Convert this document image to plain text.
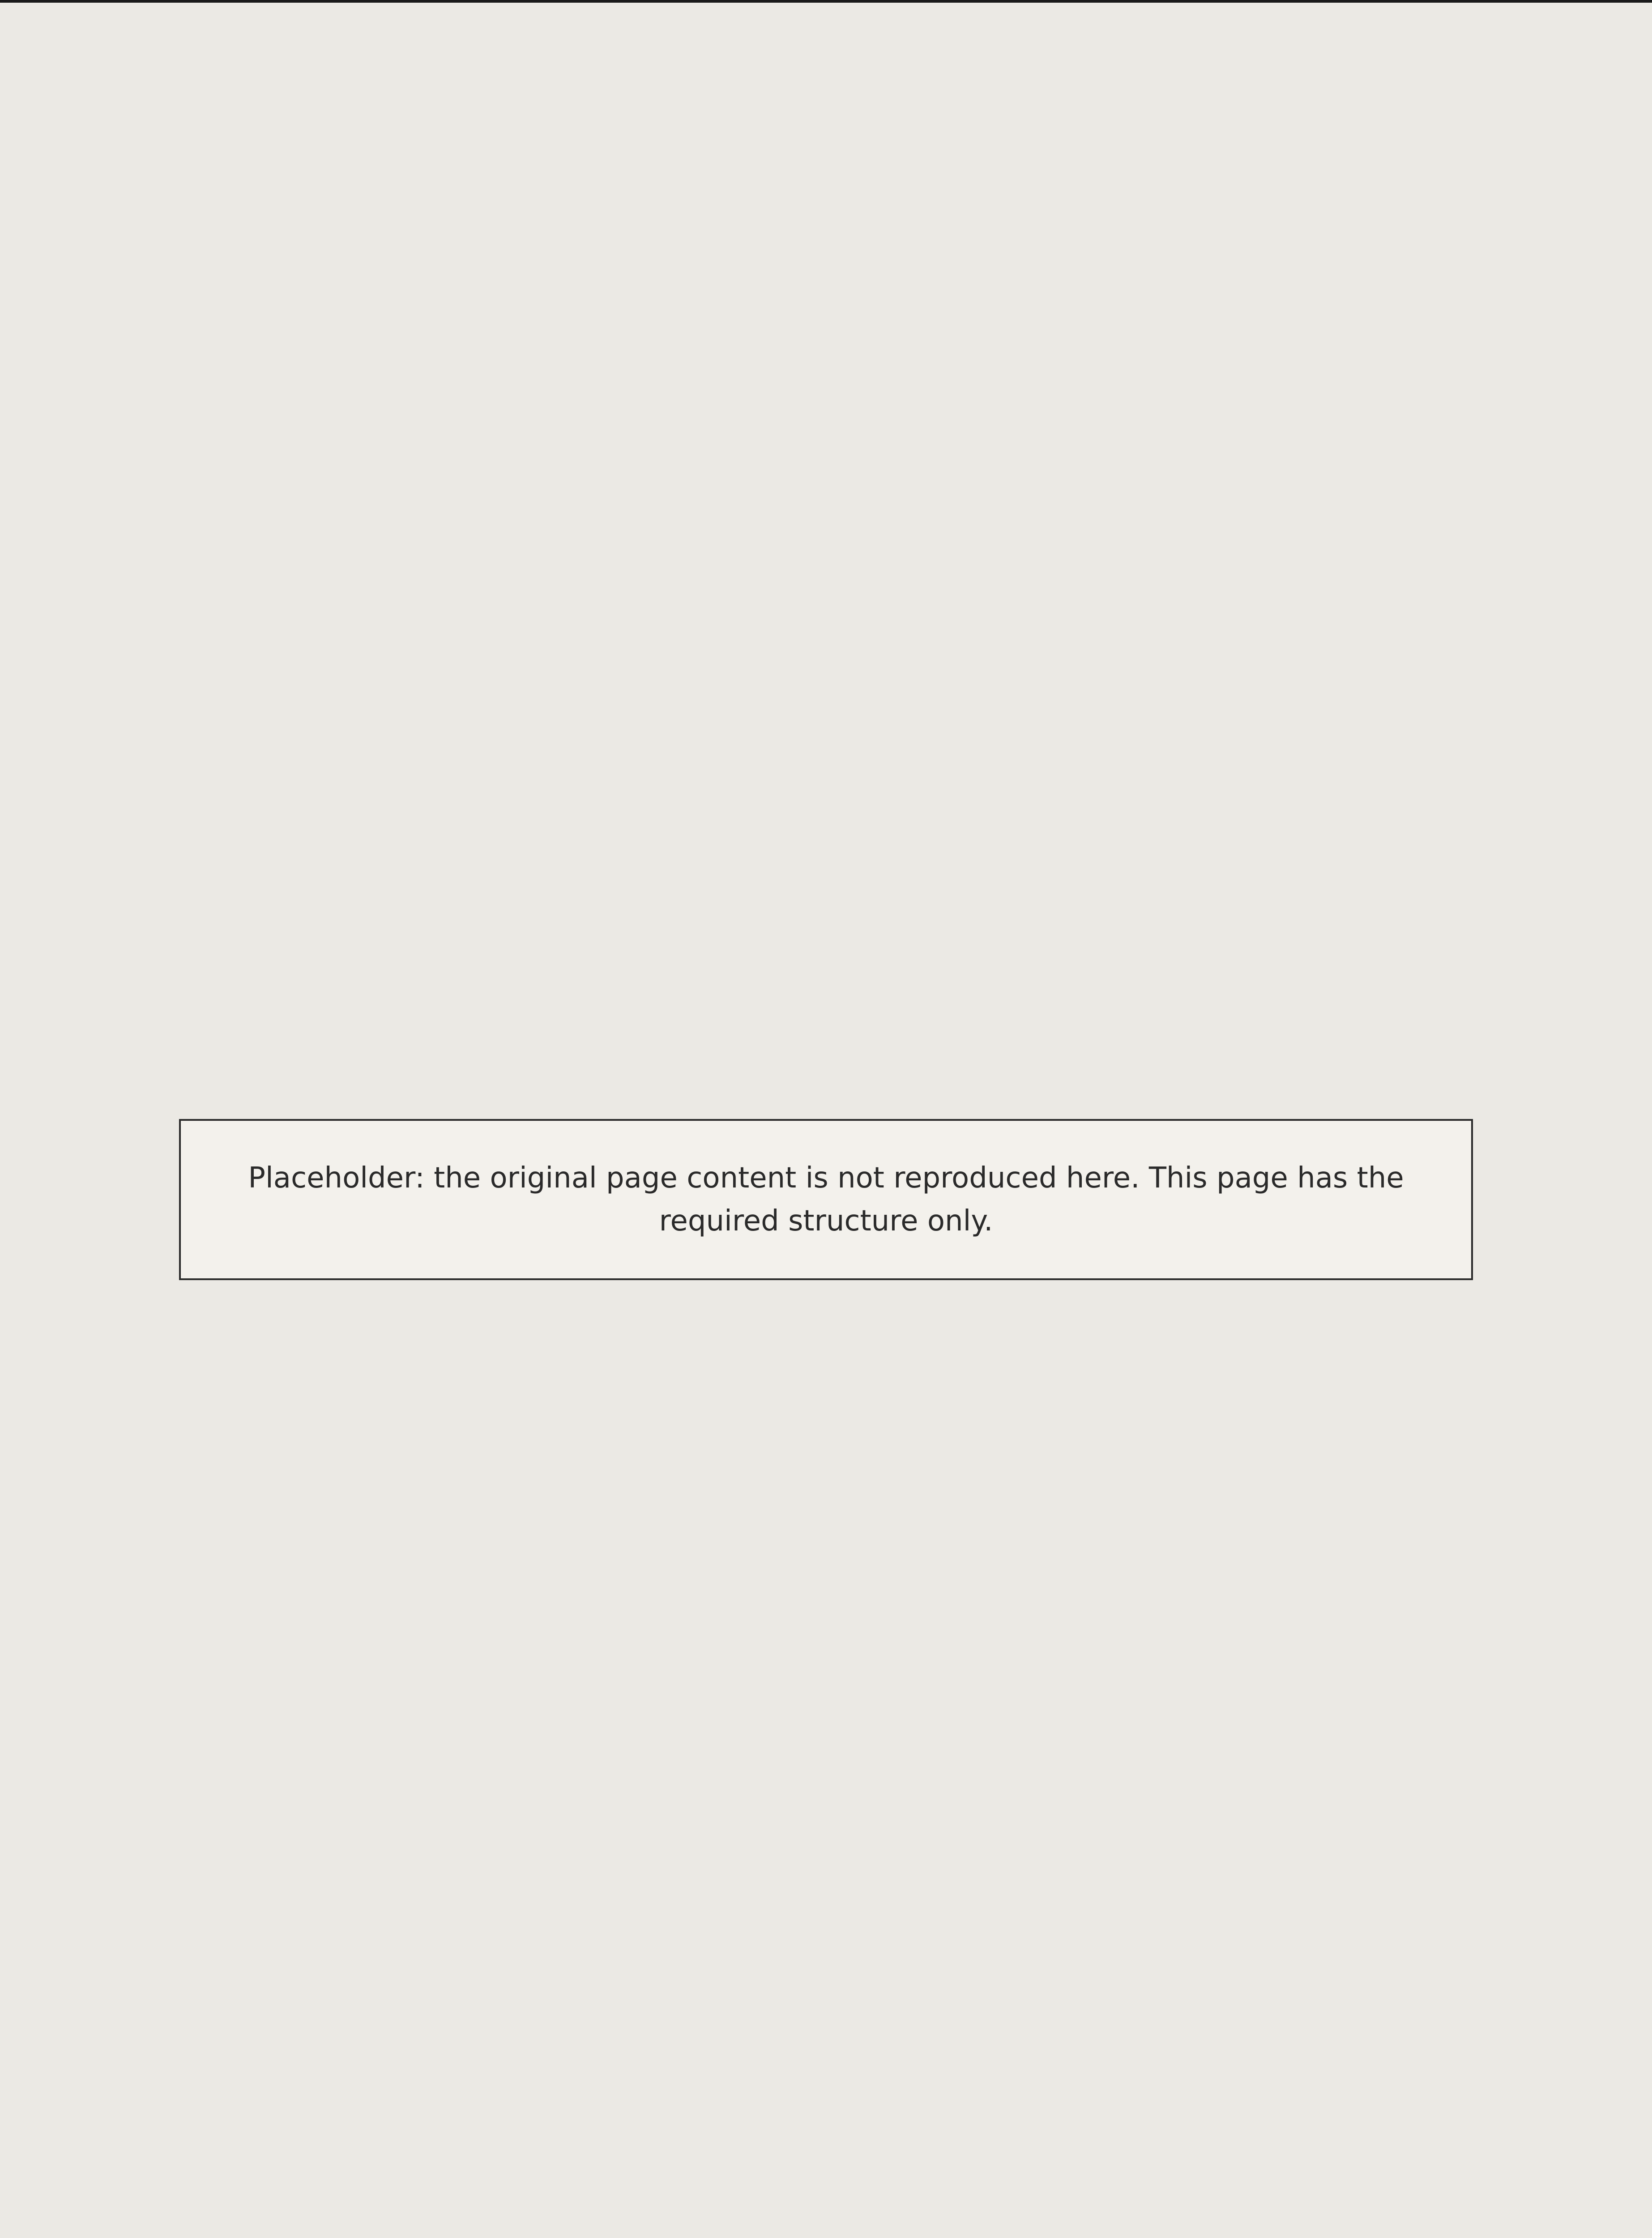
Placeholder: the original page content is not reproduced here. This page has the required structure only.
